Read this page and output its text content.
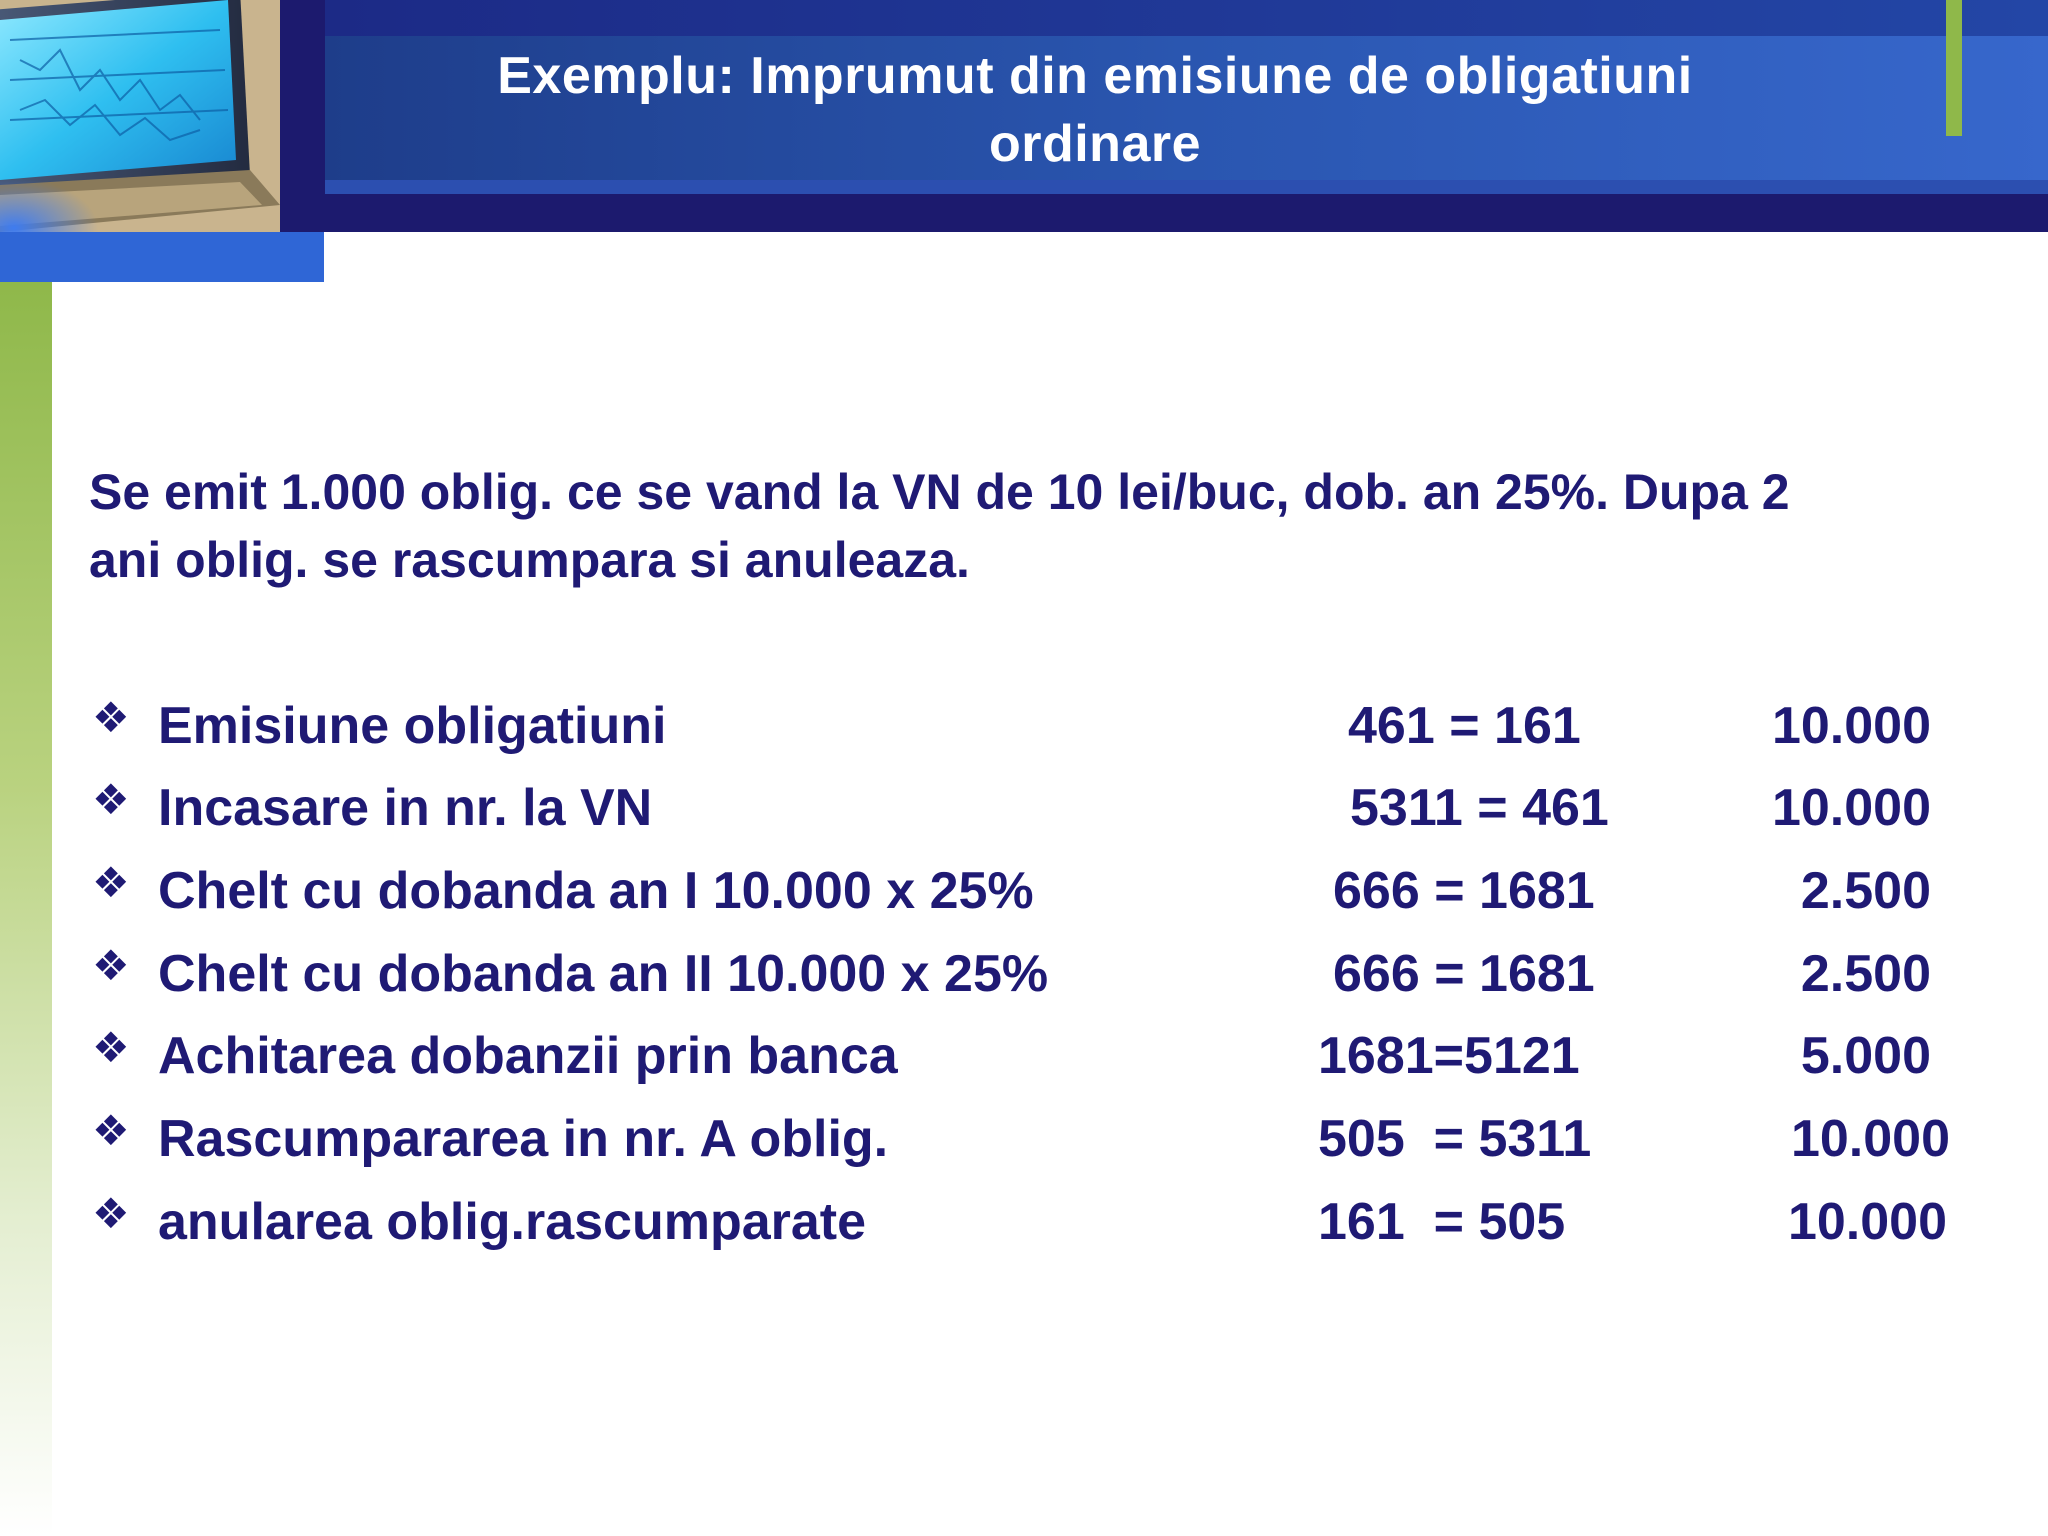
Exemplu: Imprumut din emisiune de obligatiuni
ordinare
Se emit 1.000 oblig. ce se vand la VN de 10 lei/buc, dob. an 25%. Dupa 2
ani oblig. se rascumpara si anuleaza.
❖ Emisiune obligatiuni	461 = 161	10.000
❖ Incasare in nr. la VN	5311 = 461	10.000
❖ Chelt cu dobanda an I 10.000 x 25%	666 = 1681	2.500
❖ Chelt cu dobanda an II 10.000 x 25%	666 = 1681	2.500
❖ Achitarea dobanzii prin banca	1681=5121	5.000
❖ Rascumpararea in nr. A oblig.	505  = 5311	10.000
❖ anularea oblig.rascumparate	161  = 505	10.000
